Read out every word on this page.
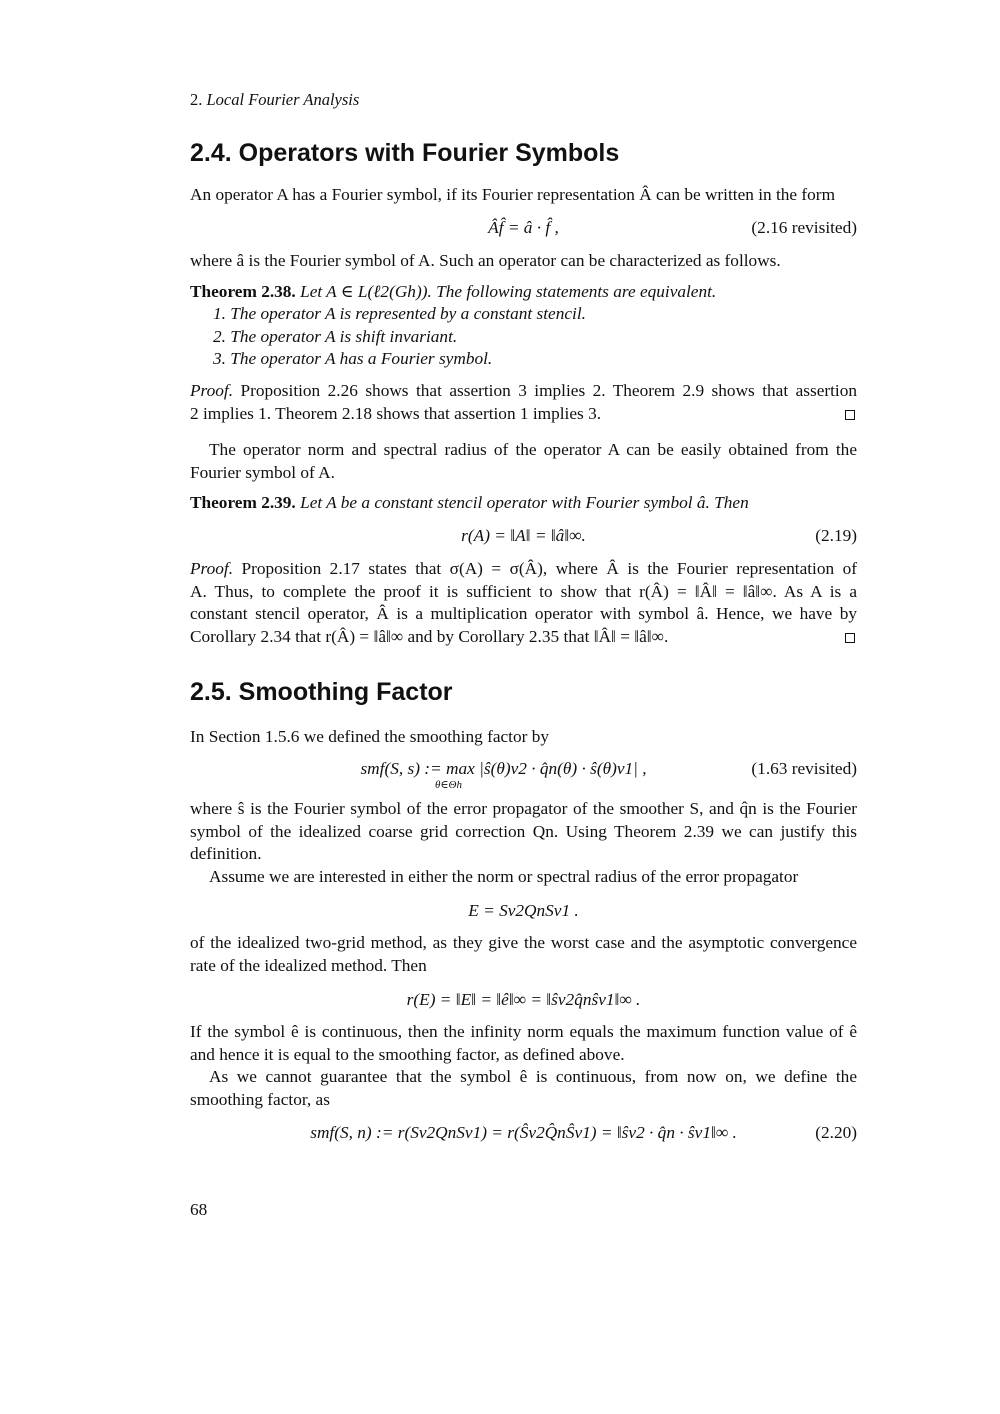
2. Local Fourier Analysis
2.4. Operators with Fourier Symbols
An operator A has a Fourier symbol, if its Fourier representation Â can be written in the form
Âf̂ = â · f̂ ,	(2.16 revisited)
where â is the Fourier symbol of A. Such an operator can be characterized as follows.
Theorem 2.38. Let A ∈ L(ℓ2(Gh)). The following statements are equivalent.
1. The operator A is represented by a constant stencil.
2. The operator A is shift invariant.
3. The operator A has a Fourier symbol.
Proof. Proposition 2.26 shows that assertion 3 implies 2. Theorem 2.9 shows that assertion
2 implies 1. Theorem 2.18 shows that assertion 1 implies 3.
The operator norm and spectral radius of the operator A can be easily obtained from the Fourier symbol of A.
Theorem 2.39. Let A be a constant stencil operator with Fourier symbol â. Then
r(A) = ‖A‖ = ‖â‖∞.	(2.19)
Proof. Proposition 2.17 states that σ(A) = σ(Â), where Â is the Fourier representation of
A. Thus, to complete the proof it is sufficient to show that r(Â) = ‖Â‖ = ‖â‖∞. As A is a
constant stencil operator, Â is a multiplication operator with symbol â. Hence, we have by
Corollary 2.34 that r(Â) = ‖â‖∞ and by Corollary 2.35 that ‖Â‖ = ‖â‖∞.
2.5. Smoothing Factor
In Section 1.5.6 we defined the smoothing factor by
smf(S, s) := max |ŝ(θ)ν2 · q̂n(θ) · ŝ(θ)ν1| ,
θ∈Θh
(1.63 revisited)
where ŝ is the Fourier symbol of the error propagator of the smoother S, and q̂n is the Fourier symbol of the idealized coarse grid correction Qn. Using Theorem 2.39 we can justify this definition.
Assume we are interested in either the norm or spectral radius of the error propagator
E = Sν2QnSν1 .
of the idealized two-grid method, as they give the worst case and the asymptotic convergence rate of the idealized method. Then
r(E) = ‖E‖ = ‖ê‖∞ = ‖ŝν2q̂nŝν1‖∞ .
If the symbol ê is continuous, then the infinity norm equals the maximum function value of ê and hence it is equal to the smoothing factor, as defined above.
As we cannot guarantee that the symbol ê is continuous, from now on, we define the smoothing factor, as
smf(S, n) := r(Sν2QnSν1) = r(Ŝν2Q̂nŜν1) = ‖ŝν2 · q̂n · ŝν1‖∞ .	(2.20)
68
